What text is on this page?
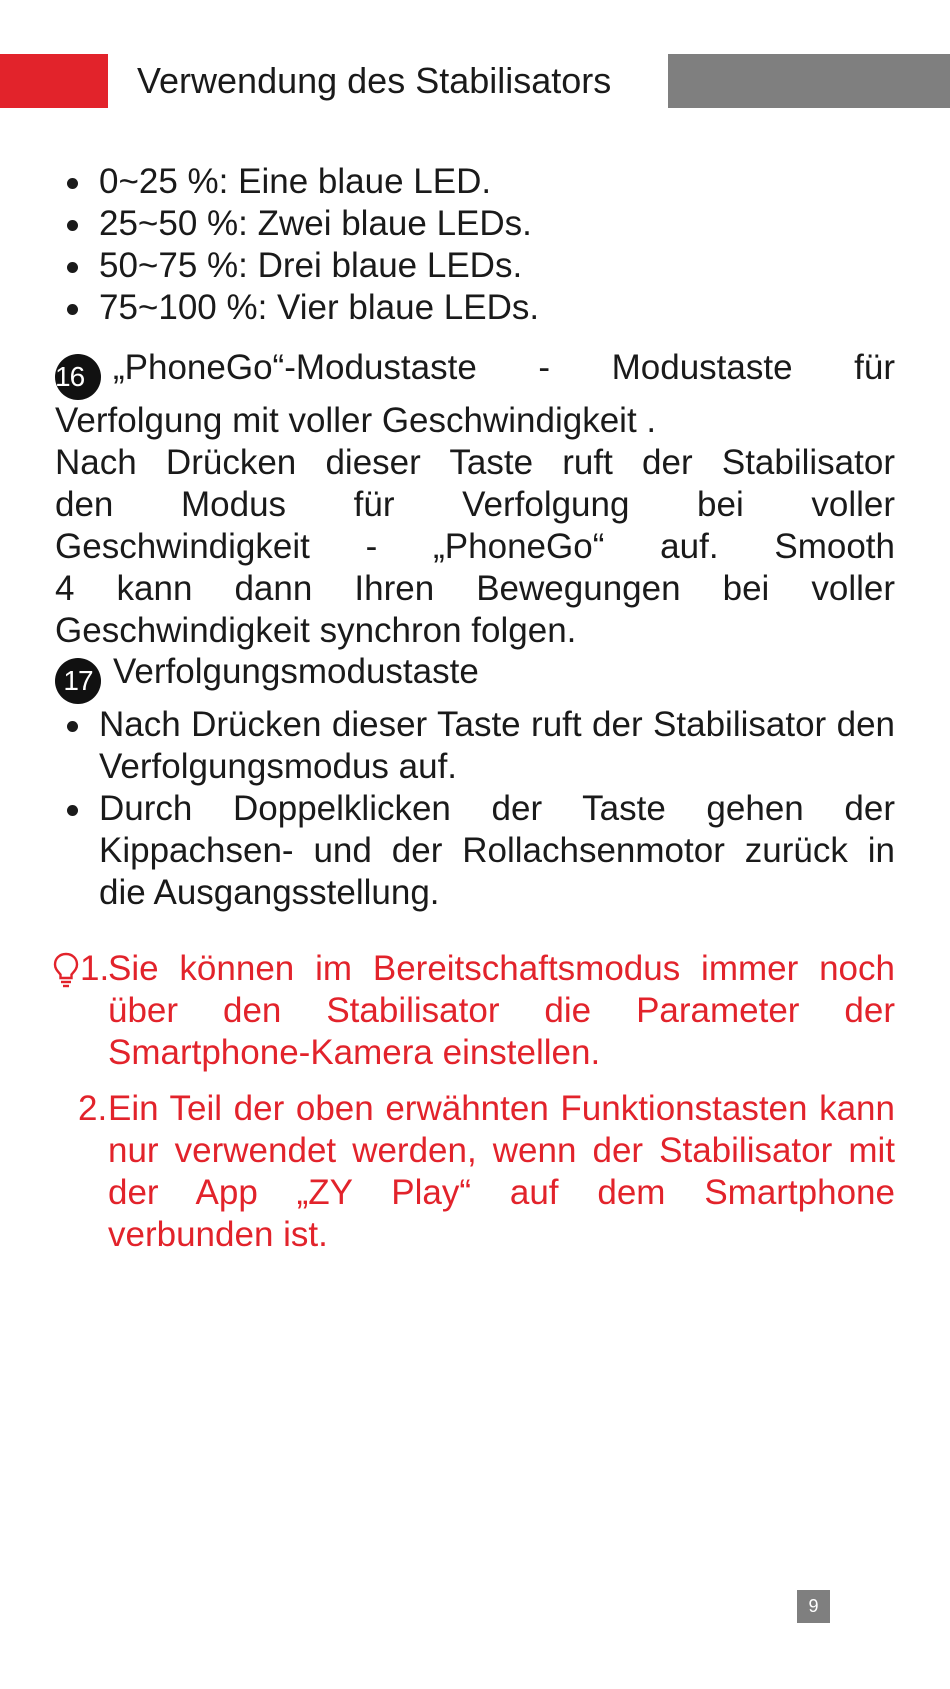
Verwendung des Stabilisators
0~25 %: Eine blaue LED.
25~50 %: Zwei blaue LEDs.
50~75 %: Drei blaue LEDs.
75~100 %: Vier blaue LEDs.
16 „PhoneGo“-Modustaste - Modustaste für
Verfolgung mit voller Geschwindigkeit .
Nach Drücken dieser Taste ruft der Stabilisator
den Modus für Verfolgung bei voller
Geschwindigkeit - „PhoneGo“ auf. Smooth
4 kann dann Ihren Bewegungen bei voller
Geschwindigkeit synchron folgen.
17 Verfolgungsmodustaste
Nach Drücken dieser Taste ruft der Stabilisator den Verfolgungsmodus auf.
Durch Doppelklicken der Taste gehen der Kippachsen- und der Rollachsenmotor zurück in die Ausgangsstellung.
1.
Sie können im Bereitschaftsmodus immer noch über den Stabilisator die Parameter der Smartphone-Kamera einstellen.
2. Ein Teil der oben erwähnten Funktionstasten kann nur verwendet werden, wenn der Stabilisator mit der App „ZY Play“ auf dem Smartphone verbunden ist.
9
